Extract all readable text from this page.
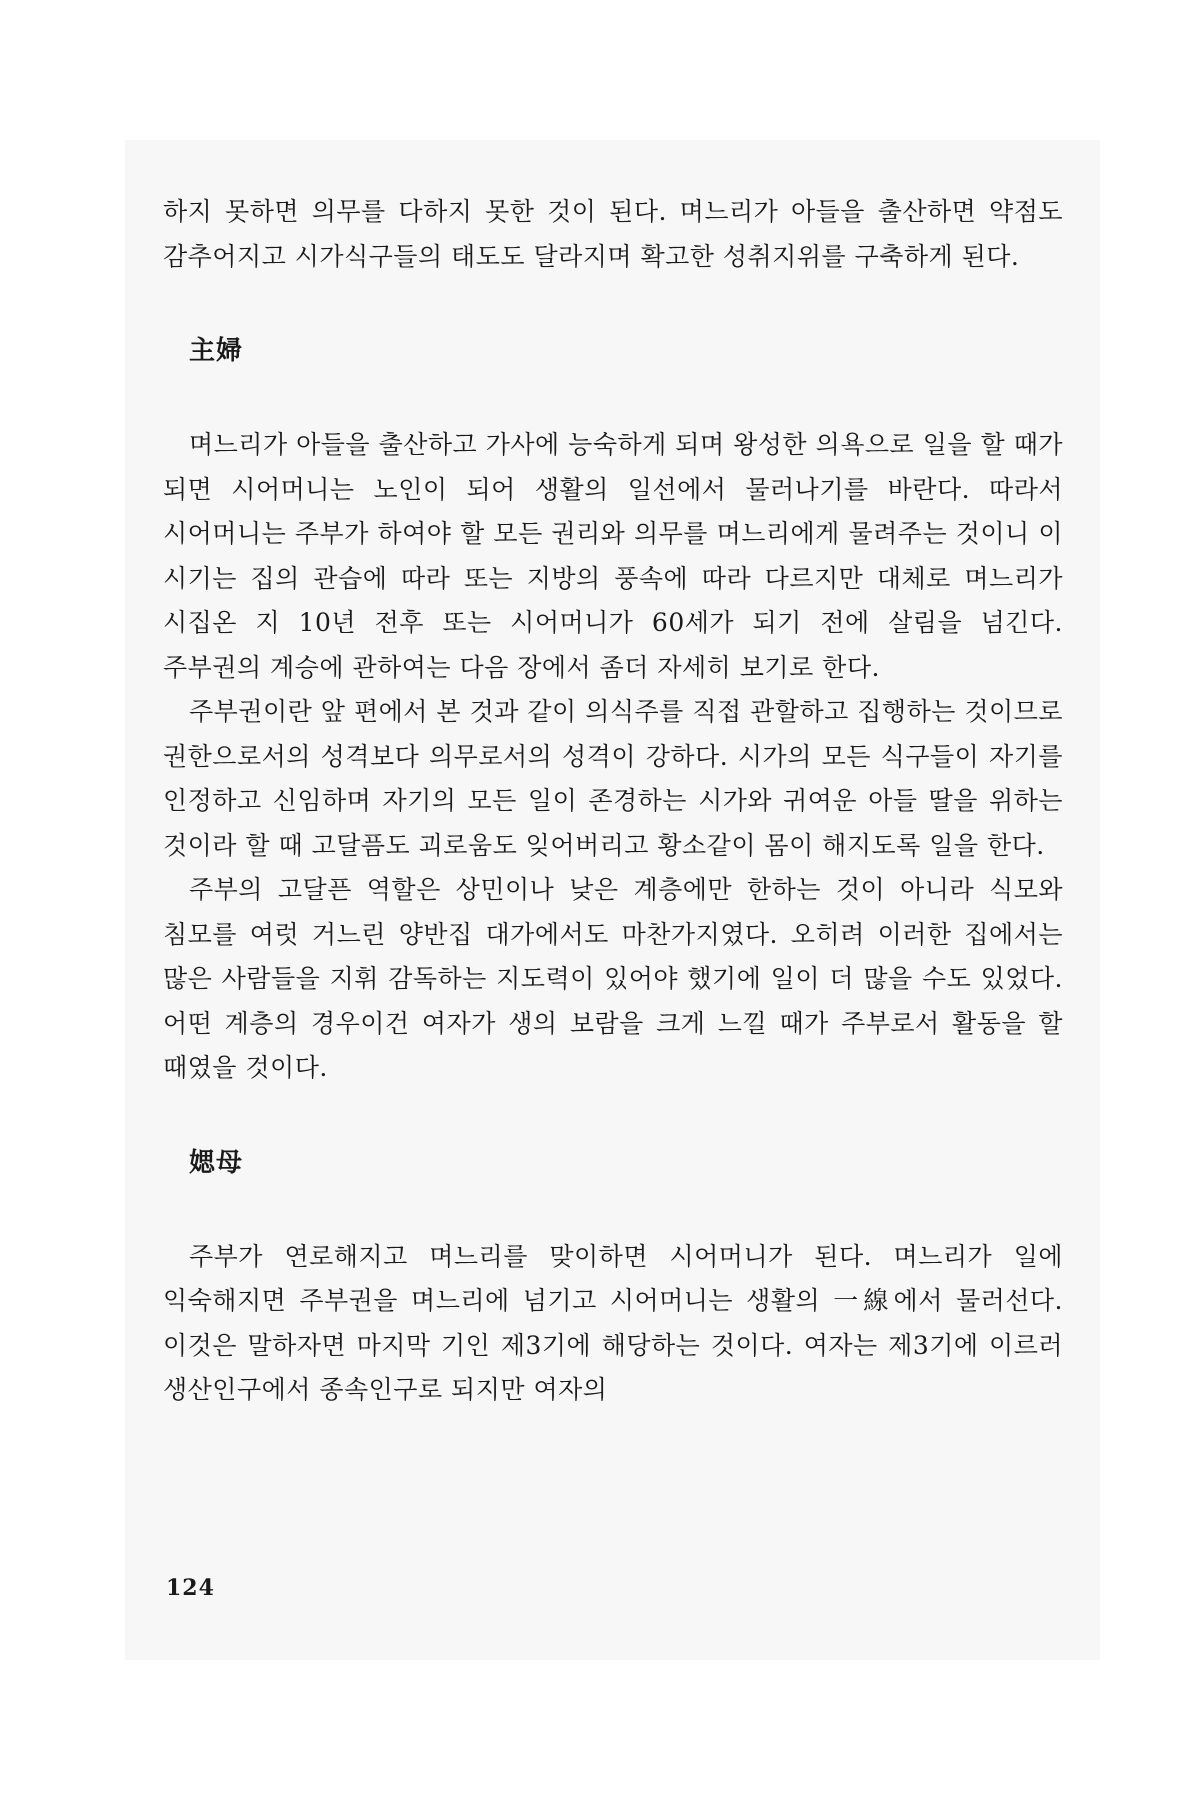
하지 못하면 의무를 다하지 못한 것이 된다. 며느리가 아들을 출산하면 약점도 감추어지고 시가식구들의 태도도 달라지며 확고한 성취지위를 구축하게 된다.

主婦

며느리가 아들을 출산하고 가사에 능숙하게 되며 왕성한 의욕으로 일을 할 때가 되면 시어머니는 노인이 되어 생활의 일선에서 물러나기를 바란다. 따라서 시어머니는 주부가 하여야 할 모든 권리와 의무를 며느리에게 물려주는 것이니 이 시기는 집의 관습에 따라 또는 지방의 풍속에 따라 다르지만 대체로 며느리가 시집온 지 10년 전후 또는 시어머니가 60세가 되기 전에 살림을 넘긴다. 주부권의 계승에 관하여는 다음 장에서 좀더 자세히 보기로 한다.

주부권이란 앞 편에서 본 것과 같이 의식주를 직접 관할하고 집행하는 것이므로 권한으로서의 성격보다 의무로서의 성격이 강하다. 시가의 모든 식구들이 자기를 인정하고 신임하며 자기의 모든 일이 존경하는 시가와 귀여운 아들 딸을 위하는 것이라 할 때 고달픔도 괴로움도 잊어버리고 황소같이 몸이 해지도록 일을 한다.

주부의 고달픈 역할은 상민이나 낮은 계층에만 한하는 것이 아니라 식모와 침모를 여럿 거느린 양반집 대가에서도 마찬가지였다. 오히려 이러한 집에서는 많은 사람들을 지휘 감독하는 지도력이 있어야 했기에 일이 더 많을 수도 있었다. 어떤 계층의 경우이건 여자가 생의 보람을 크게 느낄 때가 주부로서 활동을 할 때였을 것이다.

媤母

주부가 연로해지고 며느리를 맞이하면 시어머니가 된다. 며느리가 일에 익숙해지면 주부권을 며느리에 넘기고 시어머니는 생활의 一線에서 물러선다. 이것은 말하자면 마지막 기인 제3기에 해당하는 것이다. 여자는 제3기에 이르러 생산인구에서 종속인구로 되지만 여자의

124
